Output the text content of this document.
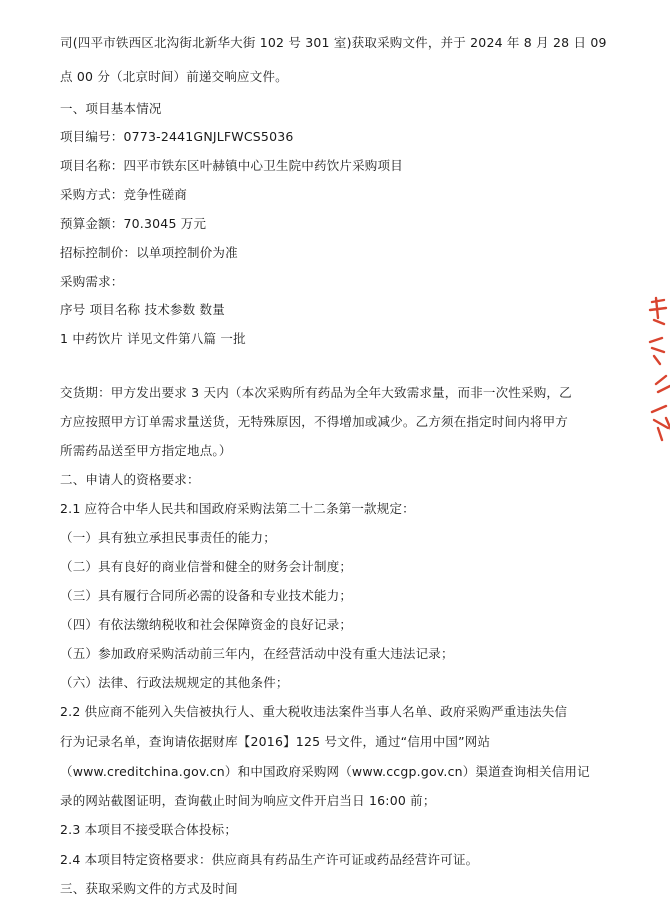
司(四平市铁西区北沟街北新华大街 102 号 301 室)获取采购文件，并于 2024 年 8 月 28 日 09
点 00 分（北京时间）前递交响应文件。
一、项目基本情况
项目编号：0773-2441GNJLFWCS5036
项目名称：四平市铁东区叶赫镇中心卫生院中药饮片采购项目
采购方式：竞争性磋商
预算金额：70.3045 万元
招标控制价：以单项控制价为准
采购需求：
序号 项目名称 技术参数 数量
1 中药饮片 详见文件第八篇 一批
交货期：甲方发出要求 3 天内（本次采购所有药品为全年大致需求量，而非一次性采购，乙
方应按照甲方订单需求量送货，无特殊原因，不得增加或减少。乙方须在指定时间内将甲方
所需药品送至甲方指定地点。）
二、申请人的资格要求：
2.1 应符合中华人民共和国政府采购法第二十二条第一款规定：
（一）具有独立承担民事责任的能力；
（二）具有良好的商业信誉和健全的财务会计制度；
（三）具有履行合同所必需的设备和专业技术能力；
（四）有依法缴纳税收和社会保障资金的良好记录；
（五）参加政府采购活动前三年内，在经营活动中没有重大违法记录；
（六）法律、行政法规规定的其他条件；
2.2 供应商不能列入失信被执行人、重大税收违法案件当事人名单、政府采购严重违法失信
行为记录名单，查询请依据财库【2016】125 号文件，通过“信用中国”网站
（www.creditchina.gov.cn）和中国政府采购网（www.ccgp.gov.cn）渠道查询相关信用记
录的网站截图证明，查询截止时间为响应文件开启当日 16:00 前；
2.3 本项目不接受联合体投标；
2.4 本项目特定资格要求：供应商具有药品生产许可证或药品经营许可证。
三、获取采购文件的方式及时间
